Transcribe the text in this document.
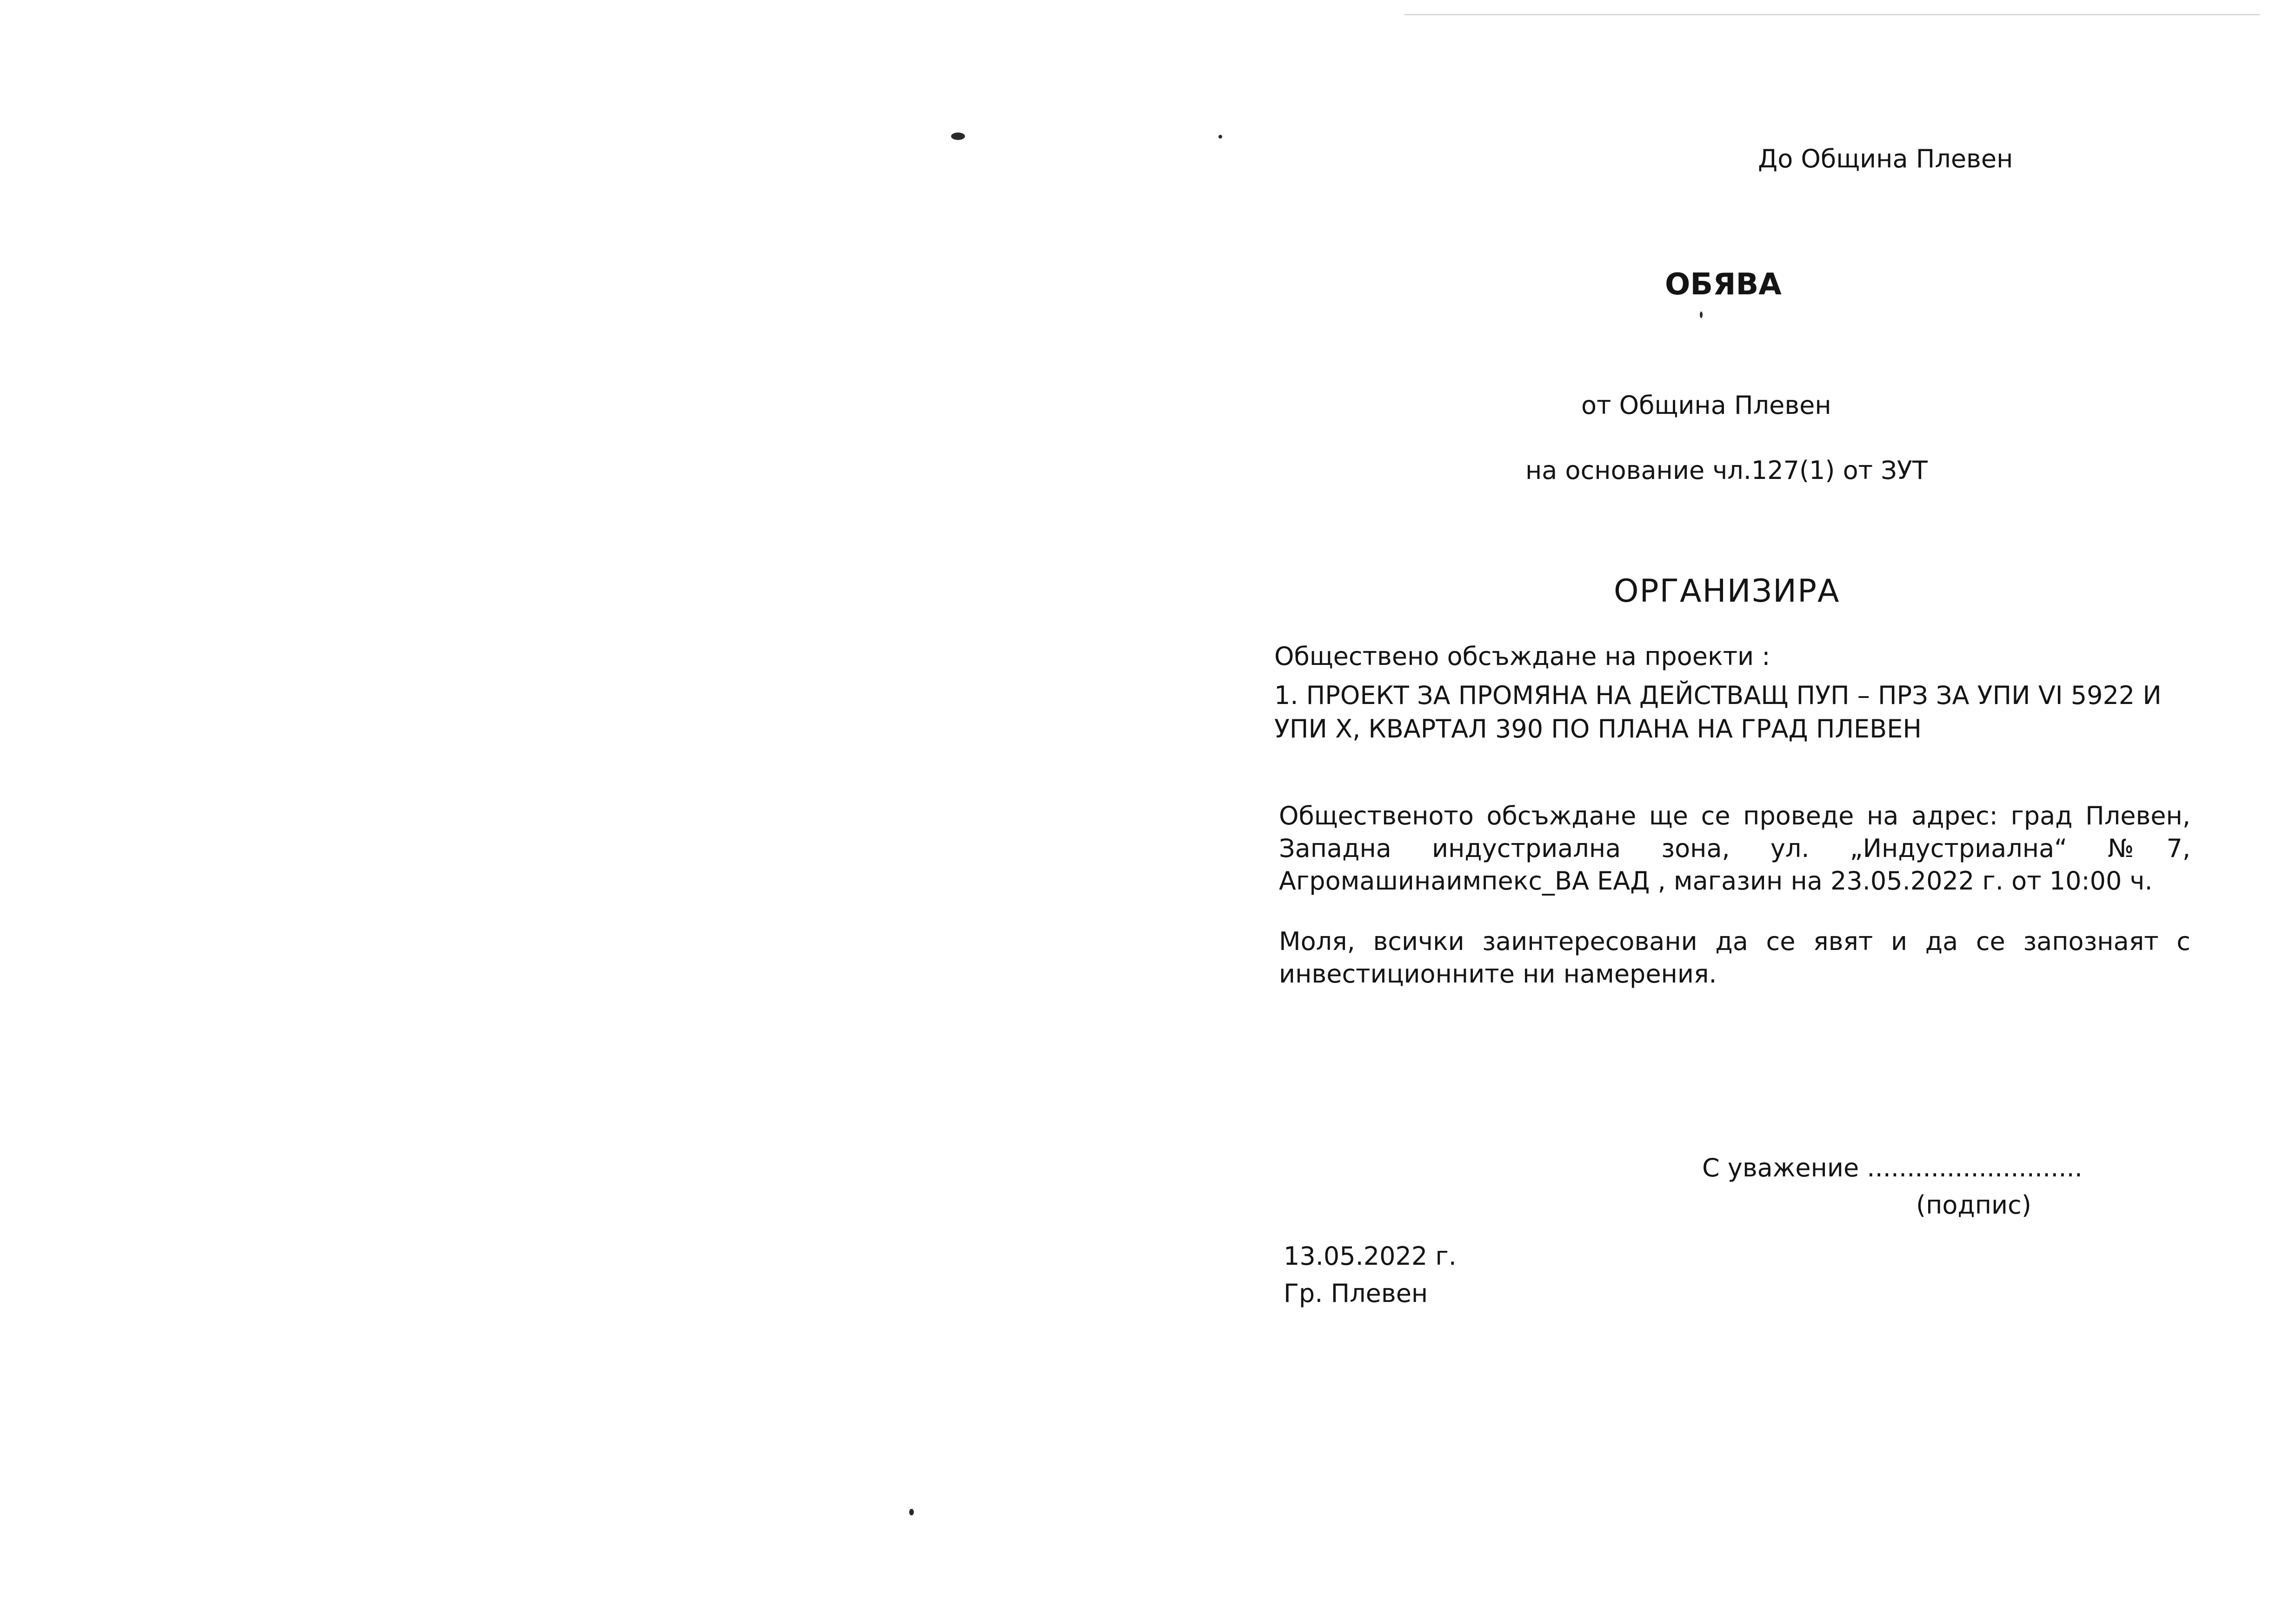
До Община Плевен
ОБЯВА
от Община Плевен
на основание чл.127(1) от ЗУТ
ОРГАНИЗИРА
Обществено обсъждане на проекти :
1. ПРОЕКТ ЗА ПРОМЯНА НА ДЕЙСТВАЩ ПУП – ПРЗ ЗА УПИ VI 5922 И УПИ Х, КВАРТАЛ 390 ПО ПЛАНА НА ГРАД ПЛЕВЕН
Общественото обсъждане ще се проведе на адрес: град Плевен, Западна индустриална зона, ул. „Индустриална“ №7, Агромашинаимпекс_ВА ЕАД , магазин на 23.05.2022 г. от 10:00 ч.
Моля, всички заинтересовани да се явят и да се запознаят с инвестиционните ни намерения.
С уважение ...........................
(подпис)
13.05.2022 г.
Гр. Плевен
